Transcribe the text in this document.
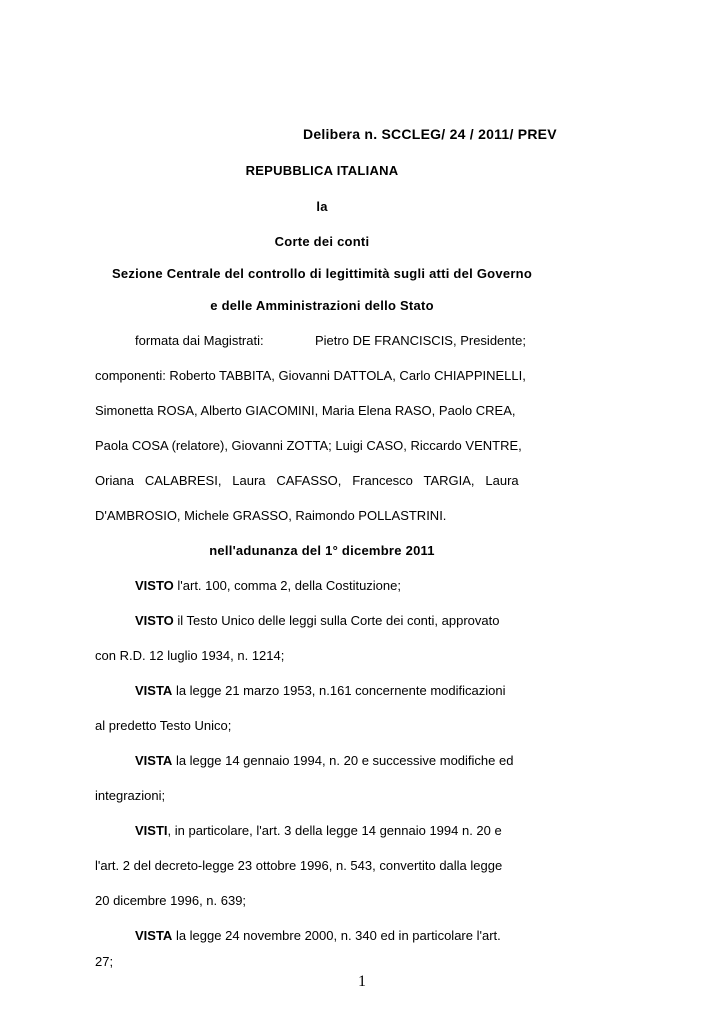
Delibera n. SCCLEG/ 24 / 2011/ PREV
REPUBBLICA ITALIANA
la
Corte dei conti
Sezione Centrale del controllo di legittimità sugli atti del Governo
e delle Amministrazioni dello Stato
formata dai Magistrati:	Pietro DE FRANCISCIS, Presidente;
componenti: Roberto TABBITA, Giovanni DATTOLA, Carlo CHIAPPINELLI,
Simonetta ROSA, Alberto GIACOMINI, Maria Elena RASO, Paolo CREA,
Paola COSA (relatore), Giovanni ZOTTA; Luigi CASO, Riccardo VENTRE,
Oriana   CALABRESI,   Laura   CAFASSO,   Francesco   TARGIA,   Laura
D'AMBROSIO, Michele GRASSO, Raimondo POLLASTRINI.
nell'adunanza del 1° dicembre 2011
VISTO l'art. 100, comma 2, della Costituzione;
VISTO il Testo Unico delle leggi sulla Corte dei conti, approvato
con R.D. 12 luglio 1934, n. 1214;
VISTA la legge 21 marzo 1953, n.161 concernente modificazioni
al predetto Testo Unico;
VISTA la legge 14 gennaio 1994, n. 20 e successive modifiche ed
integrazioni;
VISTI, in particolare, l'art. 3 della legge 14 gennaio 1994 n. 20 e
l'art. 2 del decreto-legge 23 ottobre 1996, n. 543, convertito dalla legge
20 dicembre 1996, n. 639;
VISTA la legge 24 novembre 2000, n. 340 ed in particolare l'art.
27;
1
